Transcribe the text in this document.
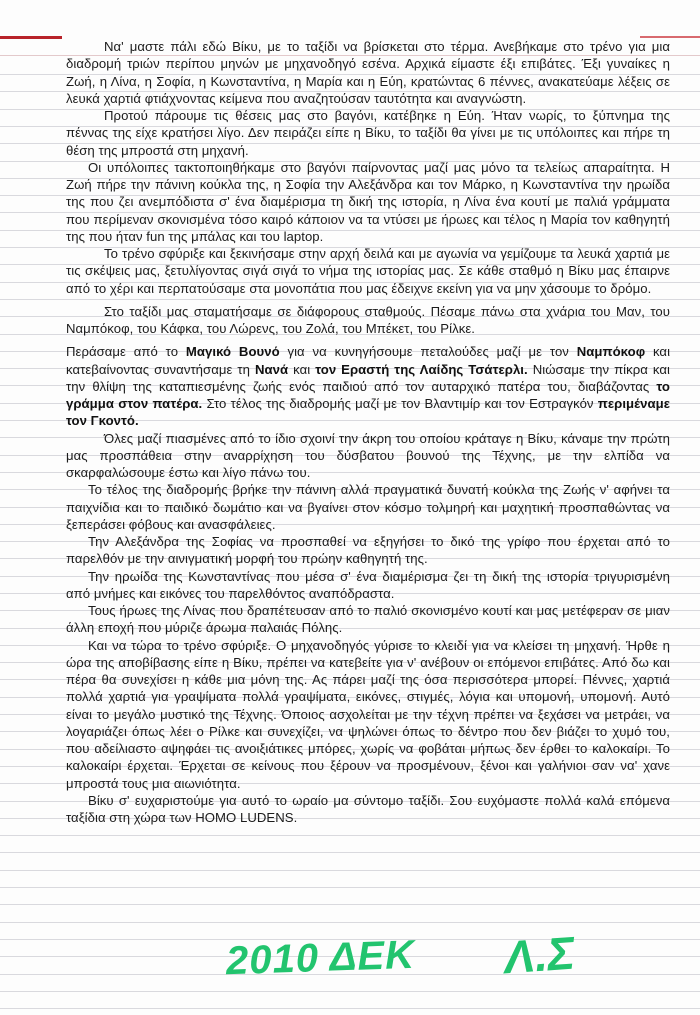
Να' μαστε πάλι εδώ Βίκυ, με το ταξίδι να βρίσκεται στο τέρμα. Ανεβήκαμε στο τρένο για μια διαδρομή τριών περίπου μηνών με μηχανοδηγό εσένα. Αρχικά είμαστε έξι επιβάτες. Έξι γυναίκες η Ζωή, η Λίνα, η Σοφία, η Κωνσταντίνα, η Μαρία και η Εύη, κρατώντας 6 πέννες, ανακατεύαμε λέξεις σε λευκά χαρτιά φτιάχνοντας κείμενα που αναζητούσαν ταυτότητα και αναγνώστη.

Προτού πάρουμε τις θέσεις μας στο βαγόνι, κατέβηκε η Εύη. Ήταν νωρίς, το ξύπνημα της πέννας της είχε κρατήσει λίγο. Δεν πειράζει είπε η Βίκυ, το ταξίδι θα γίνει με τις υπόλοιπες και πήρε τη θέση της μπροστά στη μηχανή.

Οι υπόλοιπες τακτοποιηθήκαμε στο βαγόνι παίρνοντας μαζί μας μόνο τα τελείως απαραίτητα. Η Ζωή πήρε την πάνινη κούκλα της, η Σοφία την Αλεξάνδρα και τον Μάρκο, η Κωνσταντίνα την ηρωίδα της που ζει ανεμπόδιστα σ' ένα διαμέρισμα τη δική της ιστορία, η Λίνα ένα κουτί με παλιά γράμματα που περίμεναν σκονισμένα τόσο καιρό κάποιον να τα ντύσει με ήρωες και τέλος η Μαρία τον καθηγητή της που ήταν fun της μπάλας και του laptop.

Το τρένο σφύριξε και ξεκινήσαμε στην αρχή δειλά και με αγωνία να γεμίζουμε τα λευκά χαρτιά με τις σκέψεις μας, ξετυλίγοντας σιγά σιγά το νήμα της ιστορίας μας. Σε κάθε σταθμό η Βίκυ μας έπαιρνε από το χέρι και περπατούσαμε στα μονοπάτια που μας έδειχνε εκείνη για να μην χάσουμε το δρόμο.

Στο ταξίδι μας σταματήσαμε σε διάφορους σταθμούς. Πέσαμε πάνω στα χνάρια του Μαν, του Ναμπόκοφ, του Κάφκα, του Λώρενς, του Ζολά, του Μπέκετ, του Ρίλκε.

Περάσαμε από το Μαγικό Βουνό για να κυνηγήσουμε πεταλούδες μαζί με τον Ναμπόκοφ και κατεβαίνοντας συναντήσαμε τη Νανά και τον Εραστή της Λαίδης Τσάτερλι. Νιώσαμε την πίκρα και την θλίψη της καταπιεσμένης ζωής ενός παιδιού από τον αυταρχικό πατέρα του, διαβάζοντας το γράμμα στον πατέρα. Στο τέλος της διαδρομής μαζί με τον Βλαντιμίρ και τον Εστραγκόν περιμέναμε τον Γκοντό.

Όλες μαζί πιασμένες από το ίδιο σχοινί την άκρη του οποίου κράταγε η Βίκυ, κάναμε την πρώτη μας προσπάθεια στην αναρρίχηση του δύσβατου βουνού της Τέχνης, με την ελπίδα να σκαρφαλώσουμε έστω και λίγο πάνω του.

Το τέλος της διαδρομής βρήκε την πάνινη αλλά πραγματικά δυνατή κούκλα της Ζωής ν' αφήνει τα παιχνίδια και το παιδικό δωμάτιο και να βγαίνει στον κόσμο τολμηρή και μαχητική προσπαθώντας να ξεπεράσει φόβους και ανασφάλειες.

Την Αλεξάνδρα της Σοφίας να προσπαθεί να εξηγήσει το δικό της γρίφο που έρχεται από το παρελθόν με την αινιγματική μορφή του πρώην καθηγητή της.

Την ηρωίδα της Κωνσταντίνας που μέσα σ' ένα διαμέρισμα ζει τη δική της ιστορία τριγυρισμένη από μνήμες και εικόνες του παρελθόντος αναπόδραστα.

Τους ήρωες της Λίνας που δραπέτευσαν από το παλιό σκονισμένο κουτί και μας μετέφεραν σε μιαν άλλη εποχή που μύριζε άρωμα παλαιάς Πόλης.

Και να τώρα το τρένο σφύριξε. Ο μηχανοδηγός γύρισε το κλειδί για να κλείσει τη μηχανή. Ήρθε η ώρα της αποβίβασης είπε η Βίκυ, πρέπει να κατεβείτε για ν' ανέβουν οι επόμενοι επιβάτες. Από δω και πέρα θα συνεχίσει η κάθε μια μόνη της. Ας πάρει μαζί της όσα περισσότερα μπορεί. Πέννες, χαρτιά πολλά χαρτιά για γραψίματα πολλά γραψίματα, εικόνες, στιγμές, λόγια και υπομονή, υπομονή. Αυτό είναι το μεγάλο μυστικό της Τέχνης. Όποιος ασχολείται με την τέχνη πρέπει να ξεχάσει να μετράει, να λογαριάζει όπως λέει ο Ρίλκε και συνεχίζει, να ψηλώνει όπως το δέντρο που δεν βιάζει το χυμό του, που αδείλιαστο αψηφάει τις ανοιξιάτικες μπόρες, χωρίς να φοβάται μήπως δεν έρθει το καλοκαίρι. Το καλοκαίρι έρχεται. Έρχεται σε κείνους που ξέρουν να προσμένουν, ξένοι και γαλήνιοι σαν να' χανε μπροστά τους μια αιωνιότητα.

Βίκυ σ' ευχαριστούμε για αυτό το ωραίο μα σύντομο ταξίδι. Σου ευχόμαστε πολλά καλά επόμενα ταξίδια στη χώρα των HOMO LUDENS.

2010 ΔΕΚ Λ.Σ
